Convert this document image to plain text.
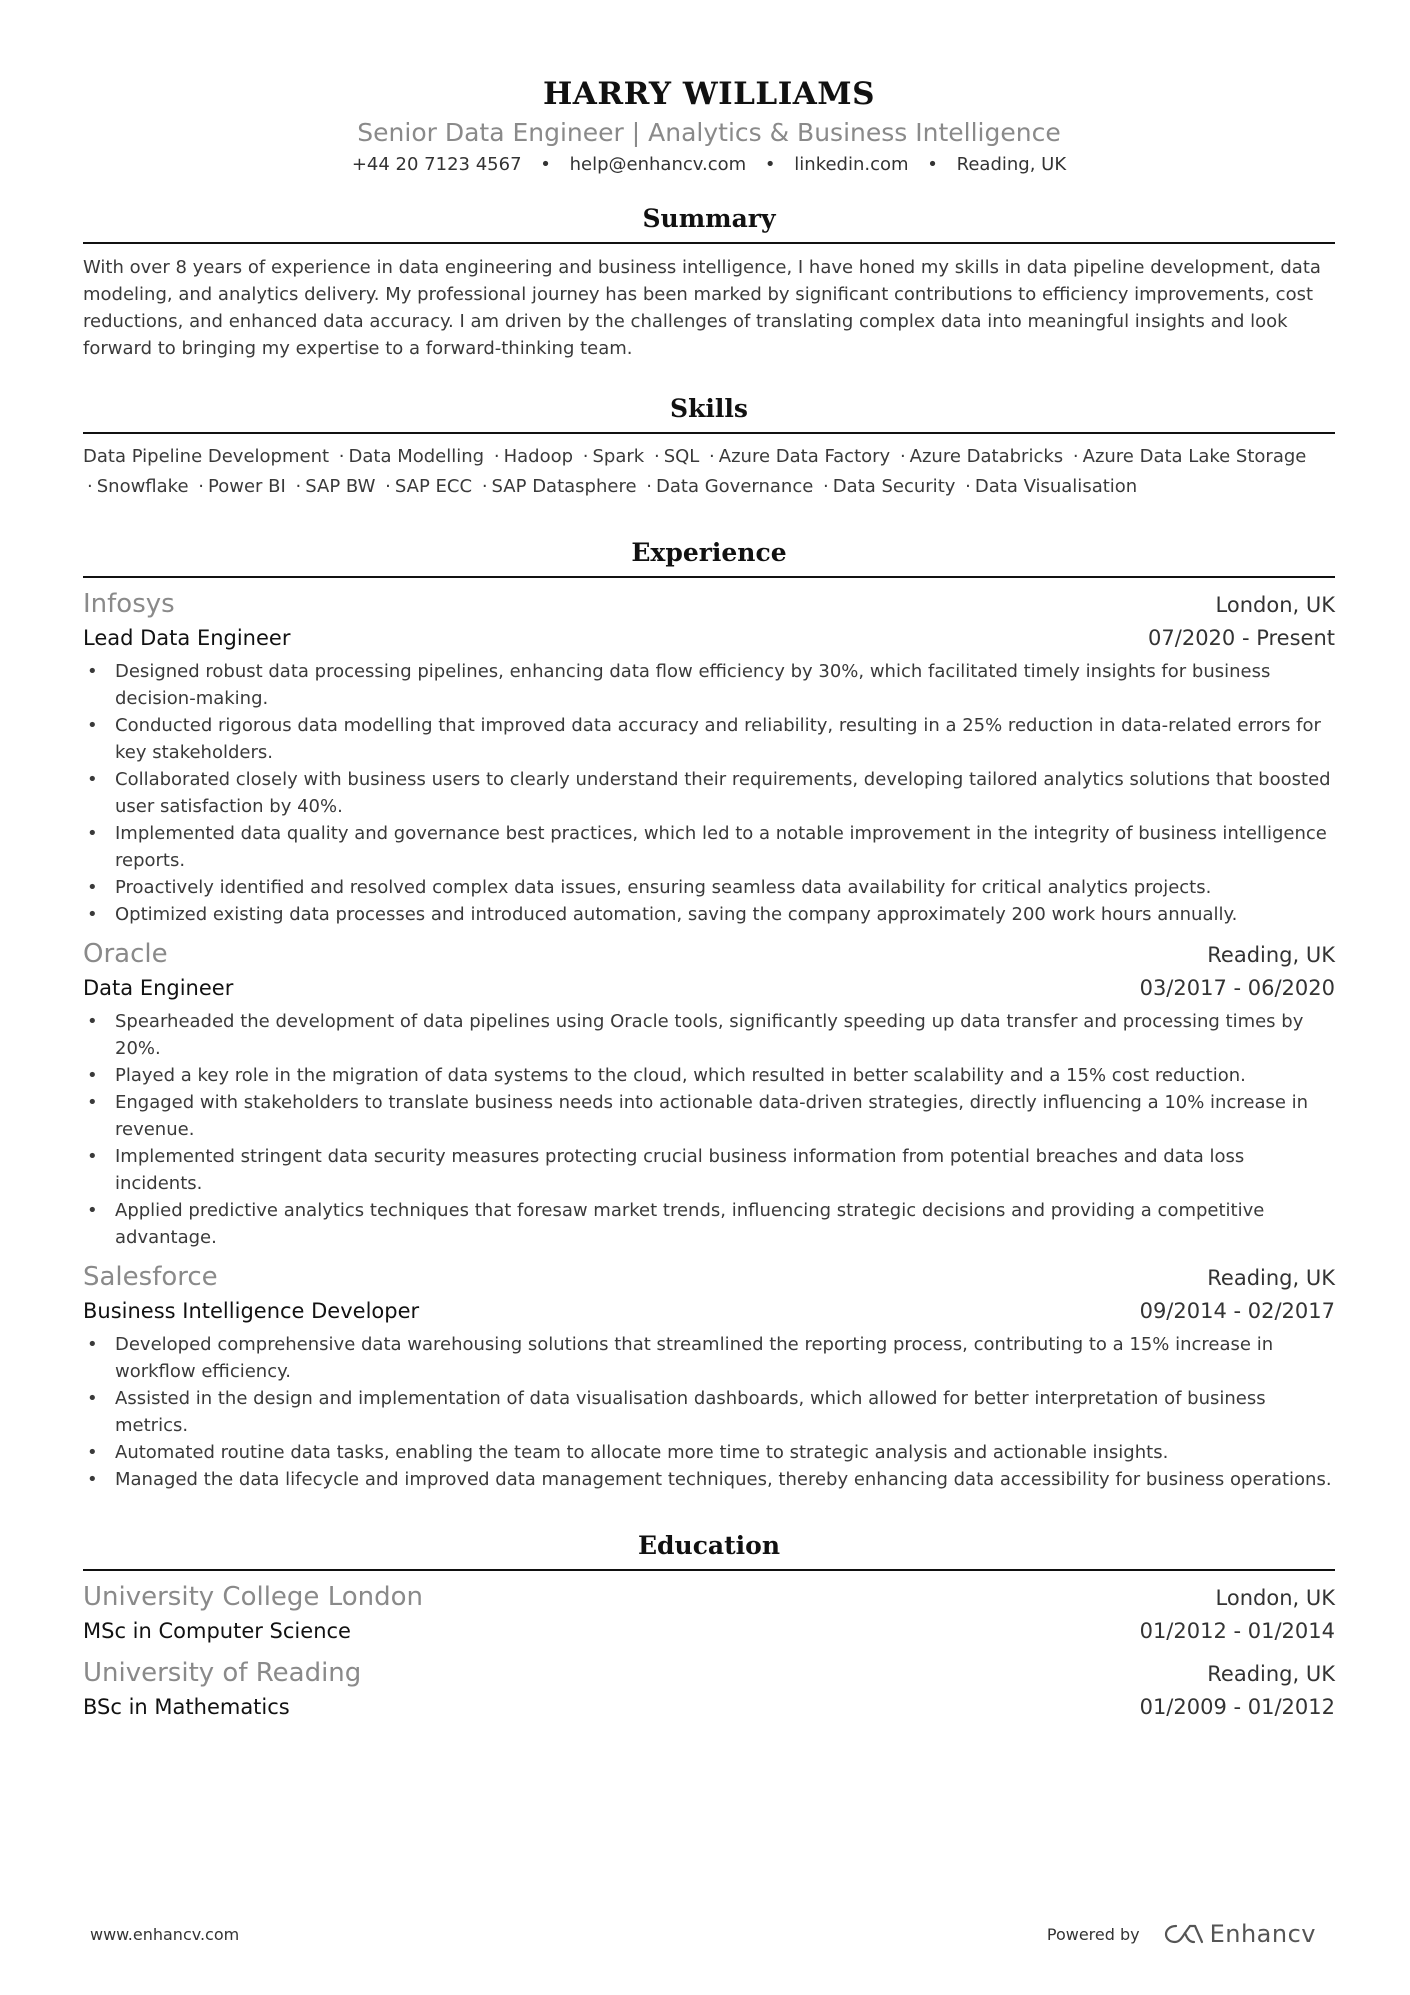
HARRY WILLIAMS
Senior Data Engineer | Analytics & Business Intelligence
+44 20 7123 4567 • help@enhancv.com • linkedin.com • Reading, UK
Summary
With over 8 years of experience in data engineering and business intelligence, I have honed my skills in data pipeline development, data modeling, and analytics delivery. My professional journey has been marked by significant contributions to efficiency improvements, cost reductions, and enhanced data accuracy. I am driven by the challenges of translating complex data into meaningful insights and look forward to bringing my expertise to a forward-thinking team.
Skills
Data Pipeline Development · Data Modelling · Hadoop · Spark · SQL · Azure Data Factory · Azure Databricks · Azure Data Lake Storage · Snowflake · Power BI · SAP BW · SAP ECC · SAP Datasphere · Data Governance · Data Security · Data Visualisation
Experience
Infosys	London, UK
Lead Data Engineer	07/2020 - Present
• Designed robust data processing pipelines, enhancing data flow efficiency by 30%, which facilitated timely insights for business decision-making.
• Conducted rigorous data modelling that improved data accuracy and reliability, resulting in a 25% reduction in data-related errors for key stakeholders.
• Collaborated closely with business users to clearly understand their requirements, developing tailored analytics solutions that boosted user satisfaction by 40%.
• Implemented data quality and governance best practices, which led to a notable improvement in the integrity of business intelligence reports.
• Proactively identified and resolved complex data issues, ensuring seamless data availability for critical analytics projects.
• Optimized existing data processes and introduced automation, saving the company approximately 200 work hours annually.
Oracle	Reading, UK
Data Engineer	03/2017 - 06/2020
• Spearheaded the development of data pipelines using Oracle tools, significantly speeding up data transfer and processing times by 20%.
• Played a key role in the migration of data systems to the cloud, which resulted in better scalability and a 15% cost reduction.
• Engaged with stakeholders to translate business needs into actionable data-driven strategies, directly influencing a 10% increase in revenue.
• Implemented stringent data security measures protecting crucial business information from potential breaches and data loss incidents.
• Applied predictive analytics techniques that foresaw market trends, influencing strategic decisions and providing a competitive advantage.
Salesforce	Reading, UK
Business Intelligence Developer	09/2014 - 02/2017
• Developed comprehensive data warehousing solutions that streamlined the reporting process, contributing to a 15% increase in workflow efficiency.
• Assisted in the design and implementation of data visualisation dashboards, which allowed for better interpretation of business metrics.
• Automated routine data tasks, enabling the team to allocate more time to strategic analysis and actionable insights.
• Managed the data lifecycle and improved data management techniques, thereby enhancing data accessibility for business operations.
Education
University College London	London, UK
MSc in Computer Science	01/2012 - 01/2014
University of Reading	Reading, UK
BSc in Mathematics	01/2009 - 01/2012
www.enhancv.com	Powered by	Enhancv
